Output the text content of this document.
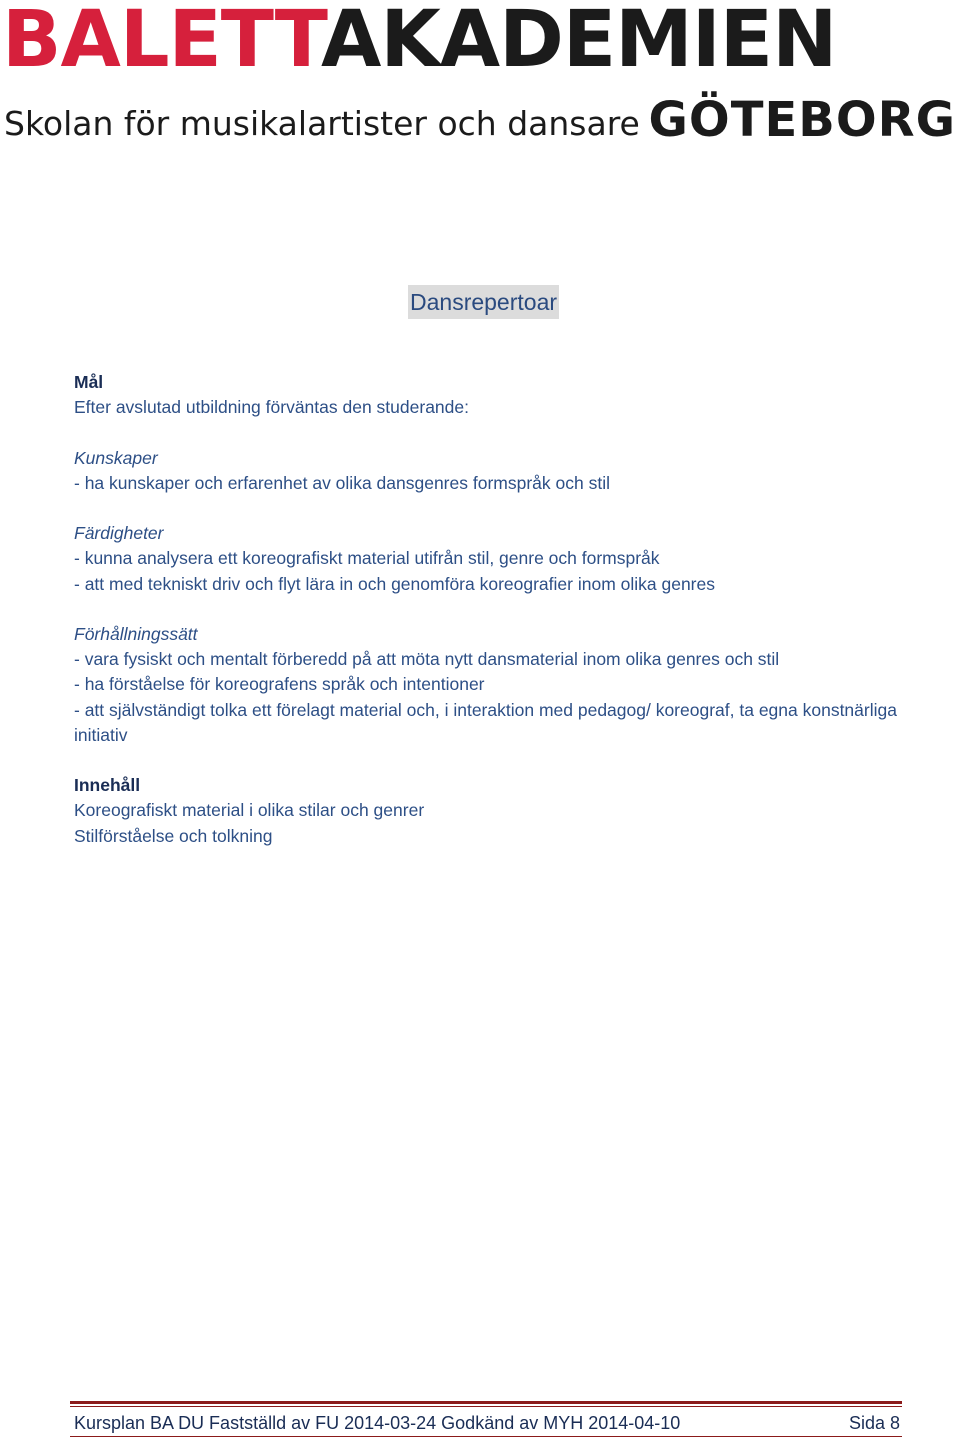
BALETTAKADEMIEN
Skolan för musikalartister och dansare GÖTEBORG
Dansrepertoar

Mål

Efter avslutad utbildning förväntas den studerande:

Kunskaper

- ha kunskaper och erfarenhet av olika dansgenres formspråk och stil

Färdigheter

- kunna analysera ett koreografiskt material utifrån stil, genre och formspråk

- att med tekniskt driv och flyt lära in och genomföra koreografier inom olika genres

Förhållningssätt

- vara fysiskt och mentalt förberedd på att möta nytt dansmaterial inom olika genres och stil

- ha förståelse för koreografens språk och intentioner

- att självständigt tolka ett förelagt material och, i interaktion med pedagog/ koreograf, ta egna konstnärliga initiativ

Innehåll

Koreografiskt material i olika stilar och genrer

Stilförståelse och tolkning

Kursplan BA DU Fastställd av FU 2014-03-24 Godkänd av MYH 2014-04-10	Sida 8
